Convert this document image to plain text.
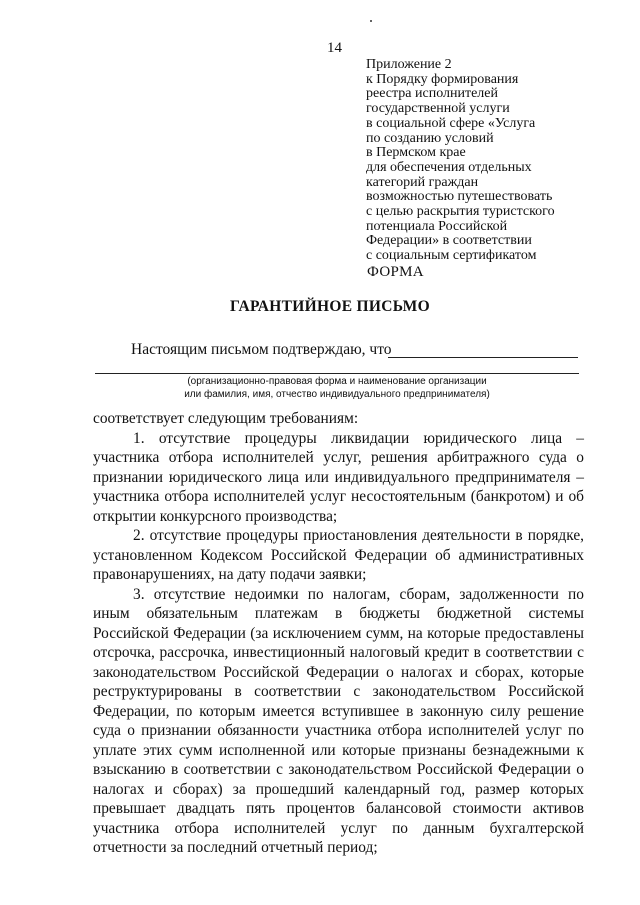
14
Приложение 2
к Порядку формирования
реестра исполнителей
государственной услуги
в социальной сфере «Услуга
по созданию условий
в Пермском крае
для обеспечения отдельных
категорий граждан
возможностью путешествовать
с целью раскрытия туристского
потенциала Российской
Федерации» в соответствии
с социальным сертификатом
ФОРМА
ГАРАНТИЙНОЕ ПИСЬМО
Настоящим письмом подтверждаю, что
(организационно-правовая форма и наименование организации
или фамилия, имя, отчество индивидуального предпринимателя)

соответствует следующим требованиям:

1. отсутствие процедуры ликвидации юридического лица – участника отбора исполнителей услуг, решения арбитражного суда о признании юридического лица или индивидуального предпринимателя – участника отбора исполнителей услуг несостоятельным (банкротом) и об открытии конкурсного производства;

2. отсутствие процедуры приостановления деятельности в порядке, установленном Кодексом Российской Федерации об административных правонарушениях, на дату подачи заявки;

3. отсутствие недоимки по налогам, сборам, задолженности по иным обязательным платежам в бюджеты бюджетной системы Российской Федерации (за исключением сумм, на которые предоставлены отсрочка, рассрочка, инвестиционный налоговый кредит в соответствии с законодательством Российской Федерации о налогах и сборах, которые реструктурированы в соответствии с законодательством Российской Федерации, по которым имеется вступившее в законную силу решение суда о признании обязанности участника отбора исполнителей услуг по уплате этих сумм исполненной или которые признаны безнадежными к взысканию в соответствии с законодательством Российской Федерации о налогах и сборах) за прошедший календарный год, размер которых превышает двадцать пять процентов балансовой стоимости активов участника отбора исполнителей услуг по данным бухгалтерской отчетности за последний отчетный период;
